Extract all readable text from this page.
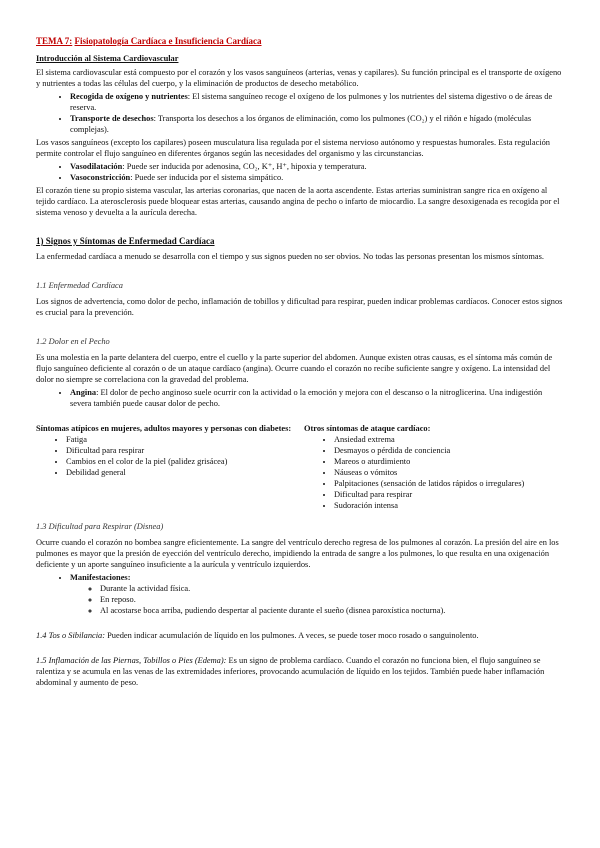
TEMA 7: Fisiopatología Cardíaca e Insuficiencia Cardíaca
Introducción al Sistema Cardiovascular

El sistema cardiovascular está compuesto por el corazón y los vasos sanguíneos (arterias, venas y capilares). Su función principal es el transporte de oxígeno y nutrientes a todas las células del cuerpo, y la eliminación de productos de desecho metabólico.

• Recogida de oxígeno y nutrientes: El sistema sanguíneo recoge el oxígeno de los pulmones y los nutrientes del sistema digestivo o de áreas de reserva.
• Transporte de desechos: Transporta los desechos a los órganos de eliminación, como los pulmones (CO₂) y el riñón e hígado (moléculas complejas).

Los vasos sanguíneos (excepto los capilares) poseen musculatura lisa regulada por el sistema nervioso autónomo y respuestas humorales. Esta regulación permite controlar el flujo sanguíneo en diferentes órganos según las necesidades del organismo y las circunstancias.

• Vasodilatación: Puede ser inducida por adenosina, CO₂, K⁺, H⁺, hipoxia y temperatura.
• Vasoconstricción: Puede ser inducida por el sistema simpático.

El corazón tiene su propio sistema vascular, las arterias coronarias, que nacen de la aorta ascendente. Estas arterias suministran sangre rica en oxígeno al tejido cardíaco. La aterosclerosis puede bloquear estas arterias, causando angina de pecho o infarto de miocardio. La sangre desoxigenada es recogida por el sistema venoso y devuelta a la aurícula derecha.

1) Signos y Síntomas de Enfermedad Cardíaca

La enfermedad cardíaca a menudo se desarrolla con el tiempo y sus signos pueden no ser obvios. No todas las personas presentan los mismos síntomas.

1.1 Enfermedad Cardíaca

Los signos de advertencia, como dolor de pecho, inflamación de tobillos y dificultad para respirar, pueden indicar problemas cardíacos. Conocer estos signos es crucial para la prevención.

1.2 Dolor en el Pecho

Es una molestia en la parte delantera del cuerpo, entre el cuello y la parte superior del abdomen. Aunque existen otras causas, es el síntoma más común de flujo sanguíneo deficiente al corazón o de un ataque cardíaco (angina). Ocurre cuando el corazón no recibe suficiente sangre y oxígeno. La intensidad del dolor no siempre se correlaciona con la gravedad del problema.

• Angina: El dolor de pecho anginoso suele ocurrir con la actividad o la emoción y mejora con el descanso o la nitroglicerina. Una indigestión severa también puede causar dolor de pecho.
Síntomas atípicos en mujeres, adultos mayores y personas con diabetes:
• Fatiga
• Dificultad para respirar
• Cambios en el color de la piel (palidez grisácea)
• Debilidad general
Otros síntomas de ataque cardíaco:
• Ansiedad extrema
• Desmayos o pérdida de conciencia
• Mareos o aturdimiento
• Náuseas o vómitos
• Palpitaciones (sensación de latidos rápidos o irregulares)
• Dificultad para respirar
• Sudoración intensa
1.3 Dificultad para Respirar (Disnea)

Ocurre cuando el corazón no bombea sangre eficientemente. La sangre del ventrículo derecho regresa de los pulmones al corazón. La presión del aire en los pulmones es mayor que la presión de eyección del ventrículo derecho, impidiendo la entrada de sangre a los pulmones, lo que resulta en una oxigenación deficiente y un aporte sanguíneo insuficiente a la aurícula y ventrículo izquierdos.

• Manifestaciones:
◦ Durante la actividad física.
◦ En reposo.
◦ Al acostarse boca arriba, pudiendo despertar al paciente durante el sueño (disnea paroxística nocturna).

1.4 Tos o Sibilancia: Pueden indicar acumulación de líquido en los pulmones. A veces, se puede toser moco rosado o sanguinolento.

1.5 Inflamación de las Piernas, Tobillos o Pies (Edema): Es un signo de problema cardíaco. Cuando el corazón no funciona bien, el flujo sanguíneo se ralentiza y se acumula en las venas de las extremidades inferiores, provocando acumulación de líquido en los tejidos. También puede haber inflamación abdominal y aumento de peso.
